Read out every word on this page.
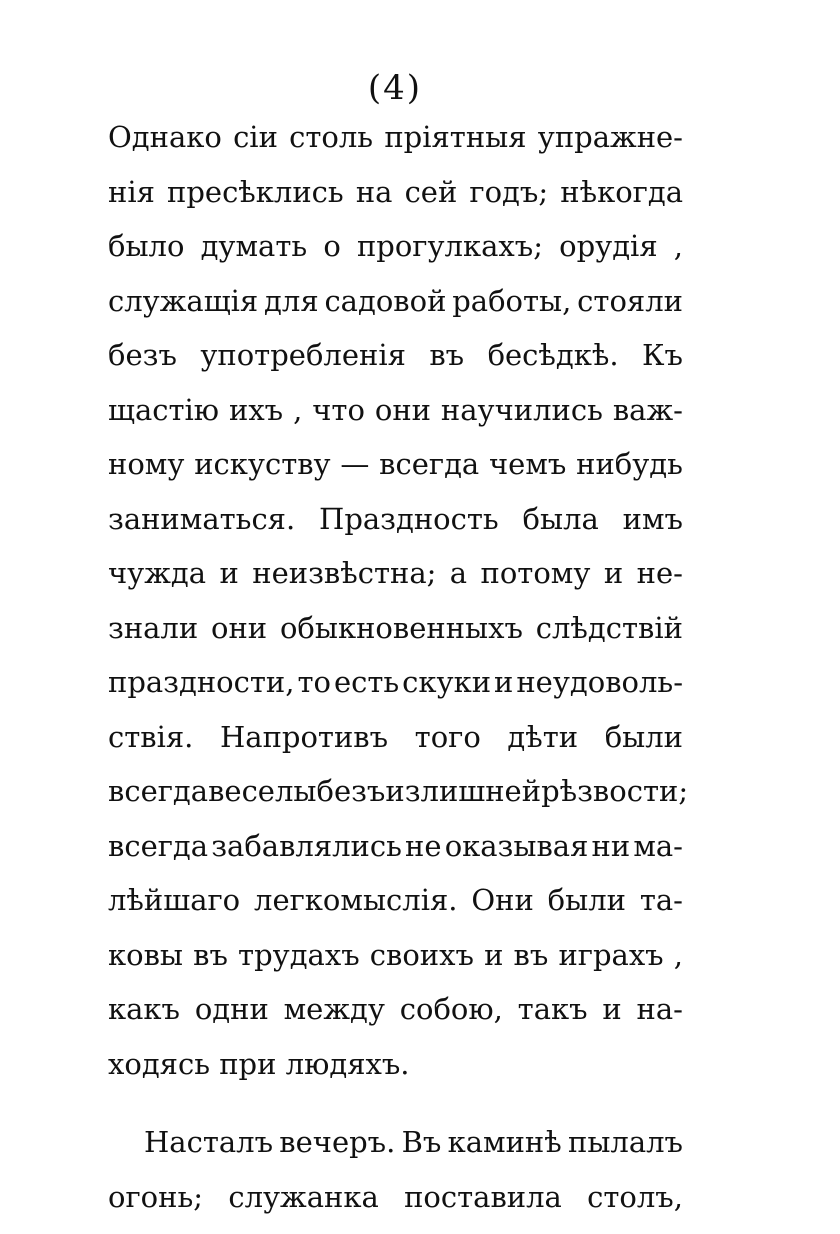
(4)
Однако сіи столь пріятныя упражне-
нія пресѣклись на сей годъ; нѣкогда
было думать о прогулкахъ; орудія ,
служащія для садовой работы, стояли
безъ употребленія въ бесѣдкѣ. Къ
щастію ихъ , что они научились важ-
ному искуству — всегда чемъ нибудь
заниматься. Праздность была имъ
чужда и неизвѣстна; а потому и не-
знали они обыкновенныхъ слѣдствій
праздности, то есть скуки и неудоволь-
ствія. Напротивъ того дѣти были
всегда веселы безъ излишней рѣзвости;
всегда забавлялись не оказывая ни ма-
лѣйшаго легкомыслія. Они были та-
ковы въ трудахъ своихъ и въ играхъ ,
какъ одни между собою, такъ и на-
ходясь
при
людяхъ.

Насталъ вечеръ. Въ каминѣ пылалъ
огонь; служанка поставила столъ,
